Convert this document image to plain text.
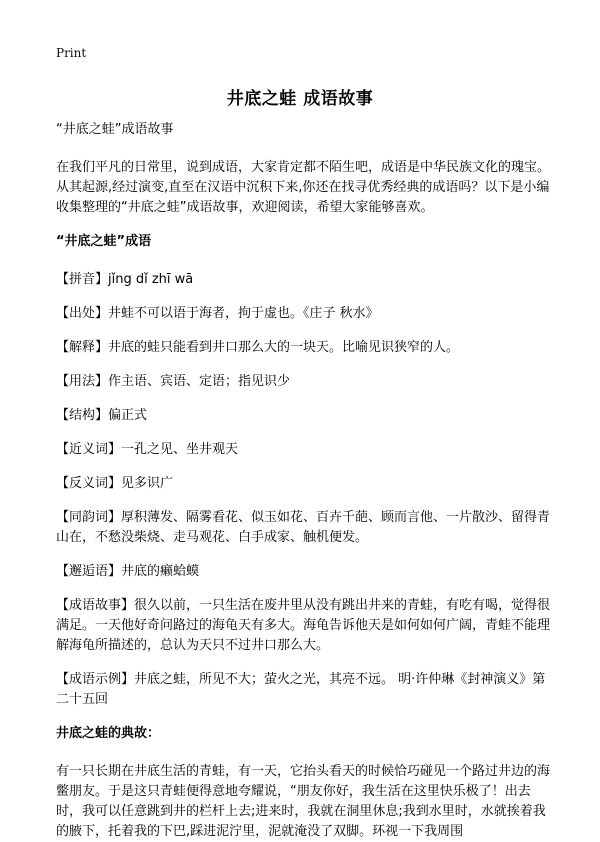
Print
井底之蛙 成语故事

“井底之蛙”成语故事

在我们平凡的日常里，说到成语，大家肯定都不陌生吧，成语是中华民族文化的瑰宝。从其起源,经过演变,直至在汉语中沉积下来,你还在找寻优秀经典的成语吗？以下是小编收集整理的“井底之蛙”成语故事，欢迎阅读，希望大家能够喜欢。

“井底之蛙”成语

【拼音】jǐng dǐ zhī wā

【出处】井蛙不可以语于海者，拘于虚也。《庄子 秋水》

【解释】井底的蛙只能看到井口那么大的一块天。比喻见识狭窄的人。

【用法】作主语、宾语、定语；指见识少

【结构】偏正式

【近义词】一孔之见、坐井观天

【反义词】见多识广

【同韵词】厚积薄发、隔雾看花、似玉如花、百卉千葩、顾而言他、一片散沙、留得青山在，不愁没柴烧、走马观花、白手成家、触机便发。

【邂逅语】井底的癞蛤蟆

【成语故事】很久以前，一只生活在废井里从没有跳出井来的青蛙，有吃有喝，觉得很满足。一天他好奇问路过的海龟天有多大。海龟告诉他天是如何如何广阔，青蛙不能理解海龟所描述的，总认为天只不过井口那么大。

【成语示例】井底之蛙，所见不大；萤火之光，其亮不远。 明·许仲琳《封神演义》第二十五回

井底之蛙的典故：

有一只长期在井底生活的青蛙，有一天，它抬头看天的时候恰巧碰见一个路过井边的海鳖朋友。于是这只青蛙便得意地夸耀说，“朋友你好，我生活在这里快乐极了！出去时，我可以任意跳到井的栏杆上去;进来时，我就在洞里休息;我到水里时，水就挨着我的腋下，托着我的下巴,踩进泥泞里，泥就淹没了双脚。环视一下我周围
